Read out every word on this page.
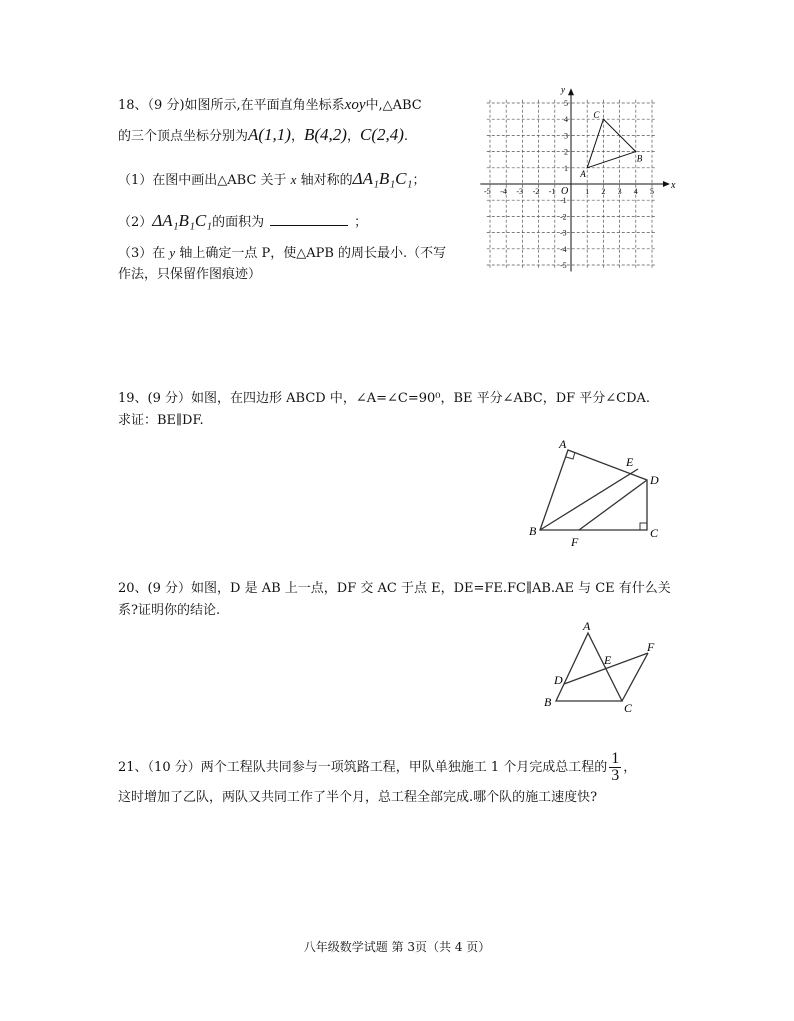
18、（9 分)如图所示,在平面直角坐标系xoy中,△ABC
的三个顶点坐标分别为A(1,1)，B(4,2)，C(2,4).
（1）在图中画出△ABC 关于 x 轴对称的ΔA₁B₁C₁；
（2）ΔA₁B₁C₁的面积为	；
（3）在 y 轴上确定一点 P，使△APB 的周长最小.（不写
作法，只保留作图痕迹）
-5 -4 -3 -2 -1	1 2 3 4 5
5
4
3
2
1
-1
-2
-3
-4
-5
A
B
C
O
x
y
19、(9 分）如图，在四边形 ABCD 中，∠A=∠C=90⁰，BE 平分∠ABC，DF 平分∠CDA.
求证：BE∥DF.
A
E
D
B	C
F
20、(9 分）如图，D 是 AB 上一点，DF 交 AC 于点 E，DE=FE.FC∥AB.AE 与 CE 有什么关
系?证明你的结论.
A
F
E
D
B	C
21、（10 分）两个工程队共同参与一项筑路工程，甲队单独施工 1 个月完成总工程的 $\frac{1}{3}$ ，
这时增加了乙队，两队又共同工作了半个月，总工程全部完成.哪个队的施工速度快?
八年级数学试题 第 3页（共 4 页）
